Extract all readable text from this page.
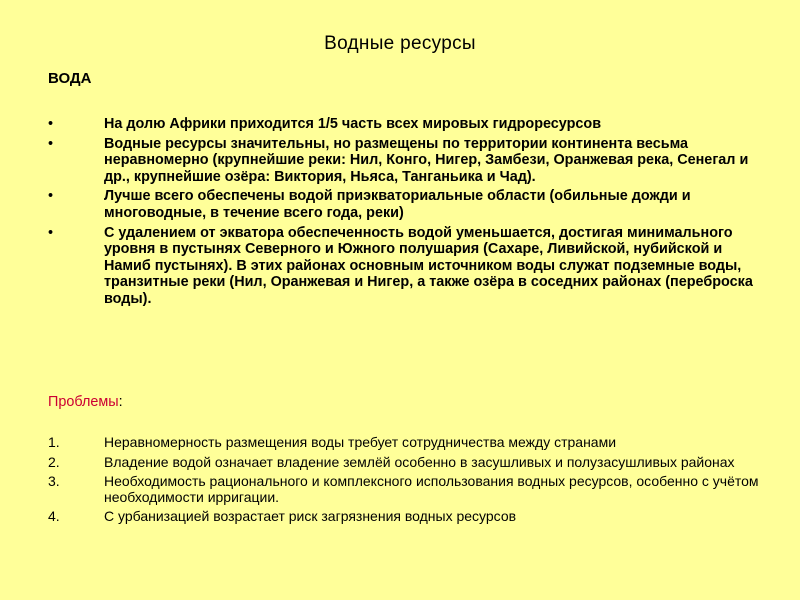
Водные ресурсы
ВОДА
•	На долю Африки приходится 1/5 часть всех мировых гидроресурсов
•	Водные ресурсы значительны, но размещены по территории континента весьма неравномерно (крупнейшие реки: Нил, Конго, Нигер, Замбези, Оранжевая река, Сенегал и др., крупнейшие озёра: Виктория, Ньяса, Танганьика и Чад).
•	Лучше всего обеспечены водой приэкваториальные области (обильные дожди и многоводные, в течение всего года, реки)
•	С удалением от экватора обеспеченность водой уменьшается, достигая минимального уровня в пустынях Северного и Южного полушария (Сахаре, Ливийской, нубийской и Намиб пустынях). В этих районах основным источником воды служат подземные воды, транзитные реки (Нил, Оранжевая и Нигер, а также озёра в соседних районах (переброска воды).
Проблемы:
1.	Неравномерность размещения воды требует сотрудничества между странами
2.	Владение водой означает владение землёй особенно в засушливых и полузасушливых районах
3.	Необходимость рационального и комплексного использования водных ресурсов, особенно с учётом необходимости ирригации.
4.	С урбанизацией возрастает риск загрязнения водных ресурсов
